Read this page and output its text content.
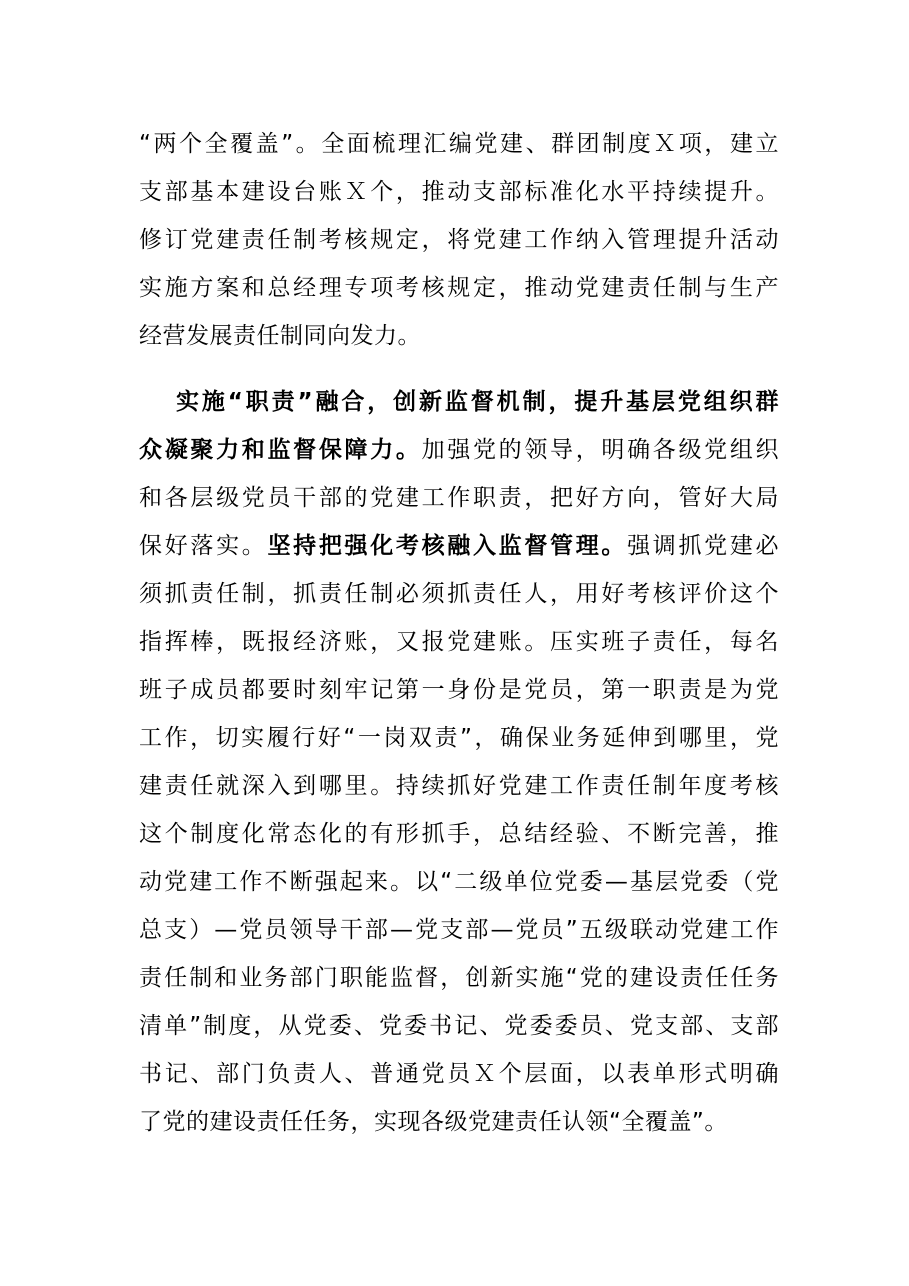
“两个全覆盖”。全面梳理汇编党建、群团制度Ｘ项，建立
支部基本建设台账Ｘ个，推动支部标准化水平持续提升。
修订党建责任制考核规定，将党建工作纳入管理提升活动
实施方案和总经理专项考核规定，推动党建责任制与生产
经营发展责任制同向发力。
实施“职责”融合，创新监督机制，提升基层党组织群
众凝聚力和监督保障力。加强党的领导，明确各级党组织
和各层级党员干部的党建工作职责，把好方向，管好大局
保好落实。坚持把强化考核融入监督管理。强调抓党建必
须抓责任制，抓责任制必须抓责任人，用好考核评价这个
指挥棒，既报经济账，又报党建账。压实班子责任，每名
班子成员都要时刻牢记第一身份是党员，第一职责是为党
工作，切实履行好“一岗双责”，确保业务延伸到哪里，党
建责任就深入到哪里。持续抓好党建工作责任制年度考核
这个制度化常态化的有形抓手，总结经验、不断完善，推
动党建工作不断强起来。以“二级单位党委—基层党委（党
总支）—党员领导干部—党支部—党员”五级联动党建工作
责任制和业务部门职能监督，创新实施“党的建设责任任务
清单”制度，从党委、党委书记、党委委员、党支部、支部
书记、部门负责人、普通党员Ｘ个层面，以表单形式明确
了党的建设责任任务，实现各级党建责任认领“全覆盖”。
